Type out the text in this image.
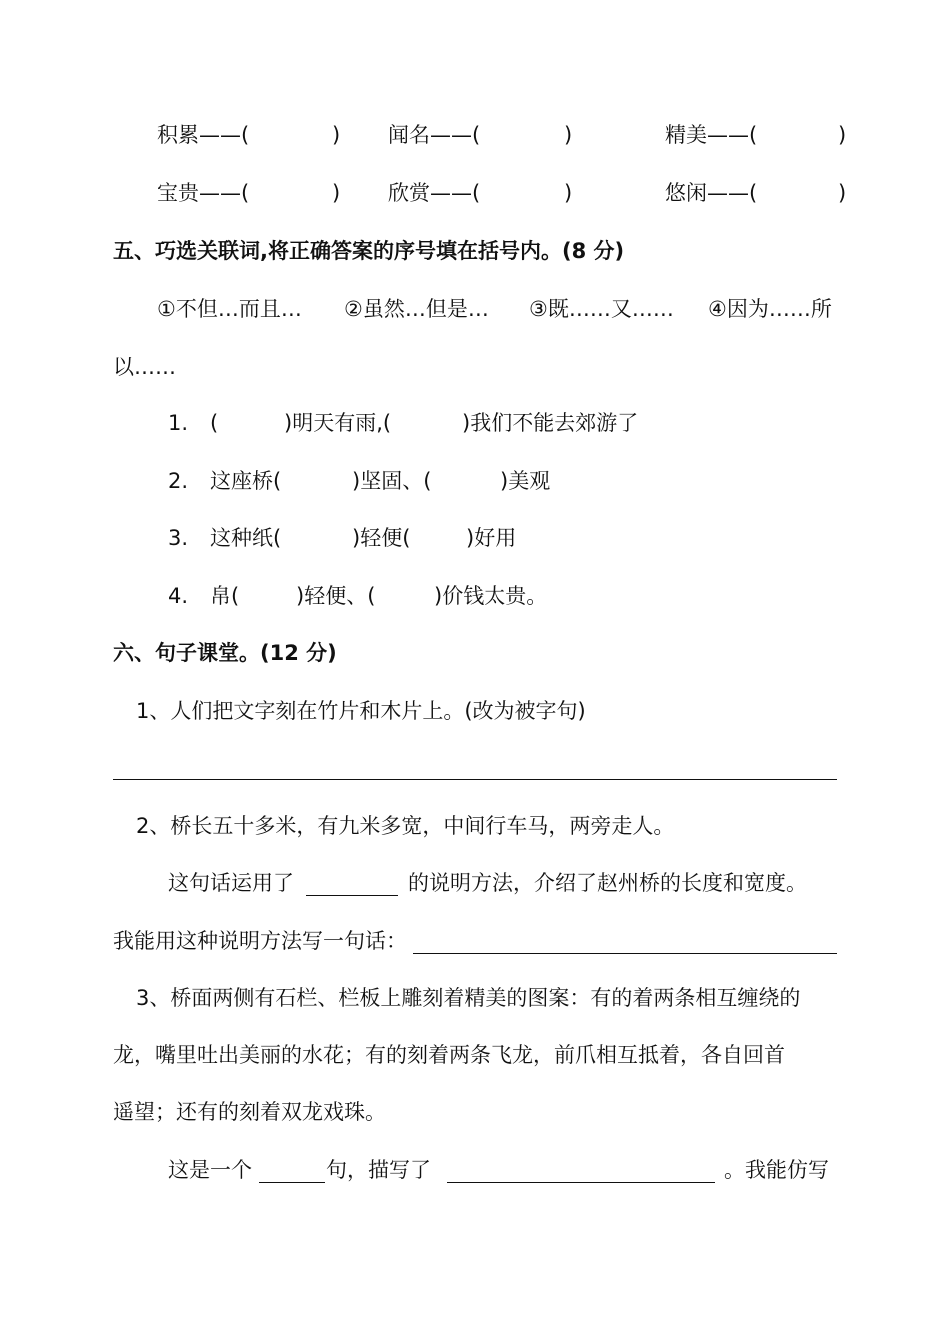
积累——(	) 闻名——(	)	精美——(	)
宝贵——(	) 欣赏——(	)	悠闲——(	)
五、巧选关联词,将正确答案的序号填在括号内。(8 分)
①不但…而且… ②虽然…但是… ③既……又…… ④因为……所
以……
1. (	)明天有雨,(	)我们不能去郊游了
2. 这座桥(	)坚固、(	)美观
3. 这种纸(	)轻便(	)好用
4. 帛(	)轻便、(	)价钱太贵。
六、句子课堂。(12 分)
1、人们把文字刻在竹片和木片上。(改为被字句)
2、桥长五十多米，有九米多宽，中间行车马，两旁走人。
这句话运用了	的说明方法，介绍了赵州桥的长度和宽度。
我能用这种说明方法写一句话：
3、桥面两侧有石栏、栏板上雕刻着精美的图案：有的着两条相互缠绕的
龙，嘴里吐出美丽的水花；有的刻着两条飞龙，前爪相互抵着，各自回首
遥望；还有的刻着双龙戏珠。
这是一个	句，描写了	。我能仿写
